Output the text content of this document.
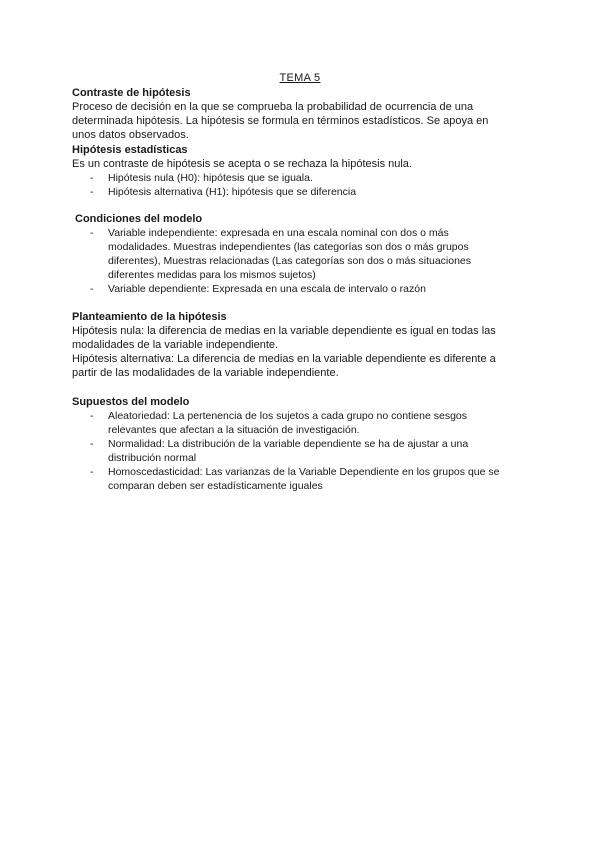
TEMA 5

Contraste de hipótesis

Proceso de decisión en la que se comprueba la probabilidad de ocurrencia de una determinada hipótesis. La hipótesis se formula en términos estadísticos. Se apoya en unos datos observados.

Hipótesis estadísticas

Es un contraste de hipótesis se acepta o se rechaza la hipótesis nula.

- Hipótesis nula (H0): hipótesis que se iguala.
- Hipótesis alternativa (H1): hipótesis que se diferencia

Condiciones del modelo

- Variable independiente: expresada en una escala nominal con dos o más modalidades. Muestras independientes (las categorías son dos o más grupos diferentes), Muestras relacionadas (Las categorías son dos o más situaciones diferentes medidas para los mismos sujetos)
- Variable dependiente: Expresada en una escala de intervalo o razón

Planteamiento de la hipótesis

Hipótesis nula: la diferencia de medias en la variable dependiente es igual en todas las modalidades de la variable independiente.

Hipótesis alternativa: La diferencia de medias en la variable dependiente es diferente a partir de las modalidades de la variable independiente.

Supuestos del modelo

- Aleatoriedad: La pertenencia de los sujetos a cada grupo no contiene sesgos relevantes que afectan a la situación de investigación.
- Normalidad: La distribución de la variable dependiente se ha de ajustar a una distribución normal
- Homoscedasticidad: Las varianzas de la Variable Dependiente en los grupos que se comparan deben ser estadísticamente iguales
